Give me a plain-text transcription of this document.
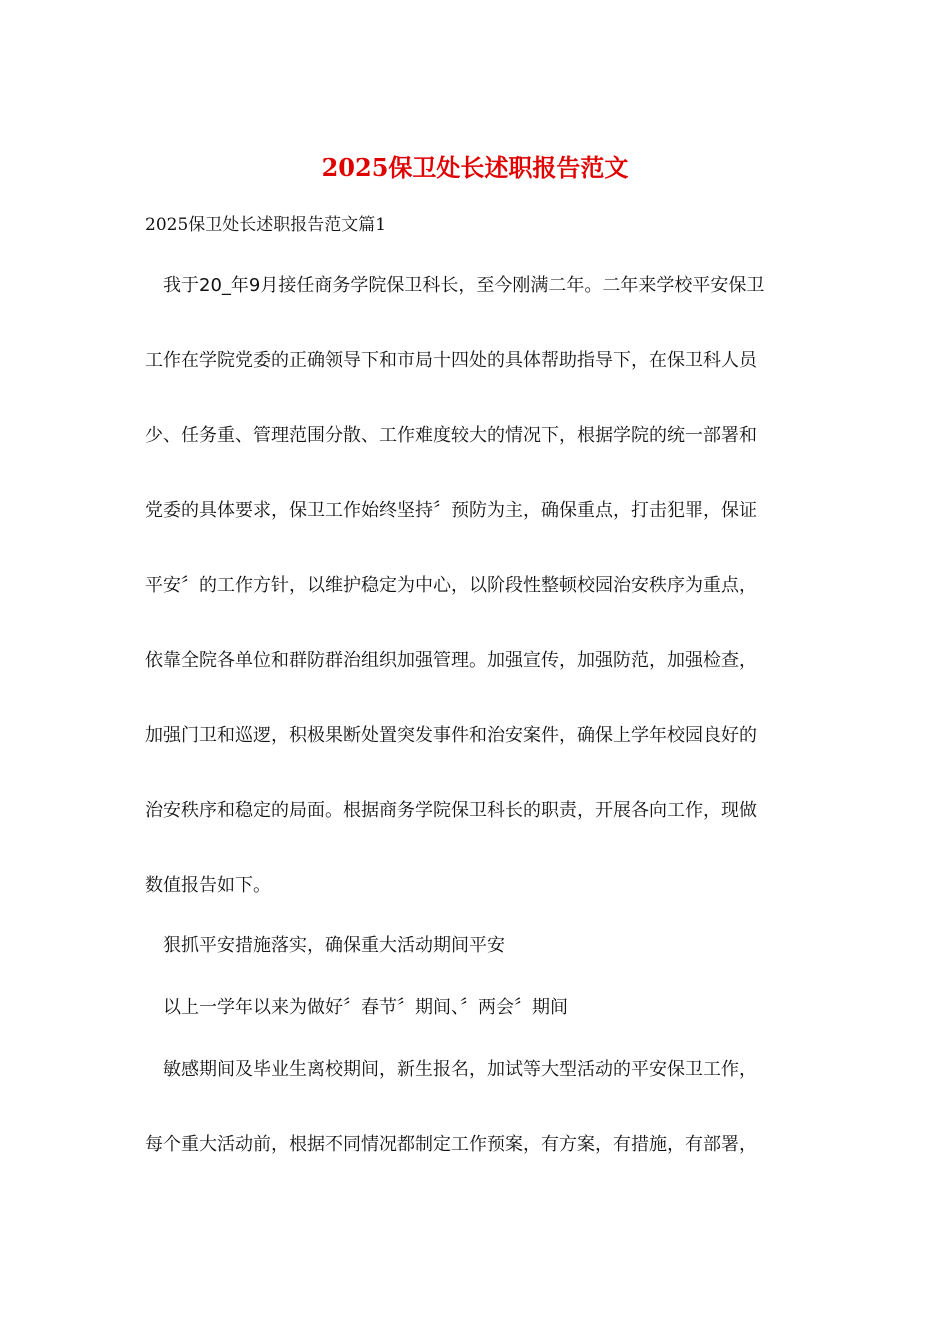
2025保卫处长述职报告范文

2025保卫处长述职报告范文篇1

我于20_年9月接任商务学院保卫科长，至今刚满二年。二年来学校平安保卫
工作在学院党委的正确领导下和市局十四处的具体帮助指导下，在保卫科人员
少、任务重、管理范围分散、工作难度较大的情况下，根据学院的统一部署和
党委的具体要求，保卫工作始终坚持〞预防为主，确保重点，打击犯罪，保证
平安〞的工作方针，以维护稳定为中心，以阶段性整顿校园治安秩序为重点，
依靠全院各单位和群防群治组织加强管理。加强宣传，加强防范，加强检查，
加强门卫和巡逻，积极果断处置突发事件和治安案件，确保上学年校园良好的
治安秩序和稳定的局面。根据商务学院保卫科长的职责，开展各向工作，现做
数值报告如下。

狠抓平安措施落实，确保重大活动期间平安

以上一学年以来为做好〞春节〞期间、〞两会〞期间

敏感期间及毕业生离校期间，新生报名，加试等大型活动的平安保卫工作，
每个重大活动前，根据不同情况都制定工作预案，有方案，有措施，有部署，
